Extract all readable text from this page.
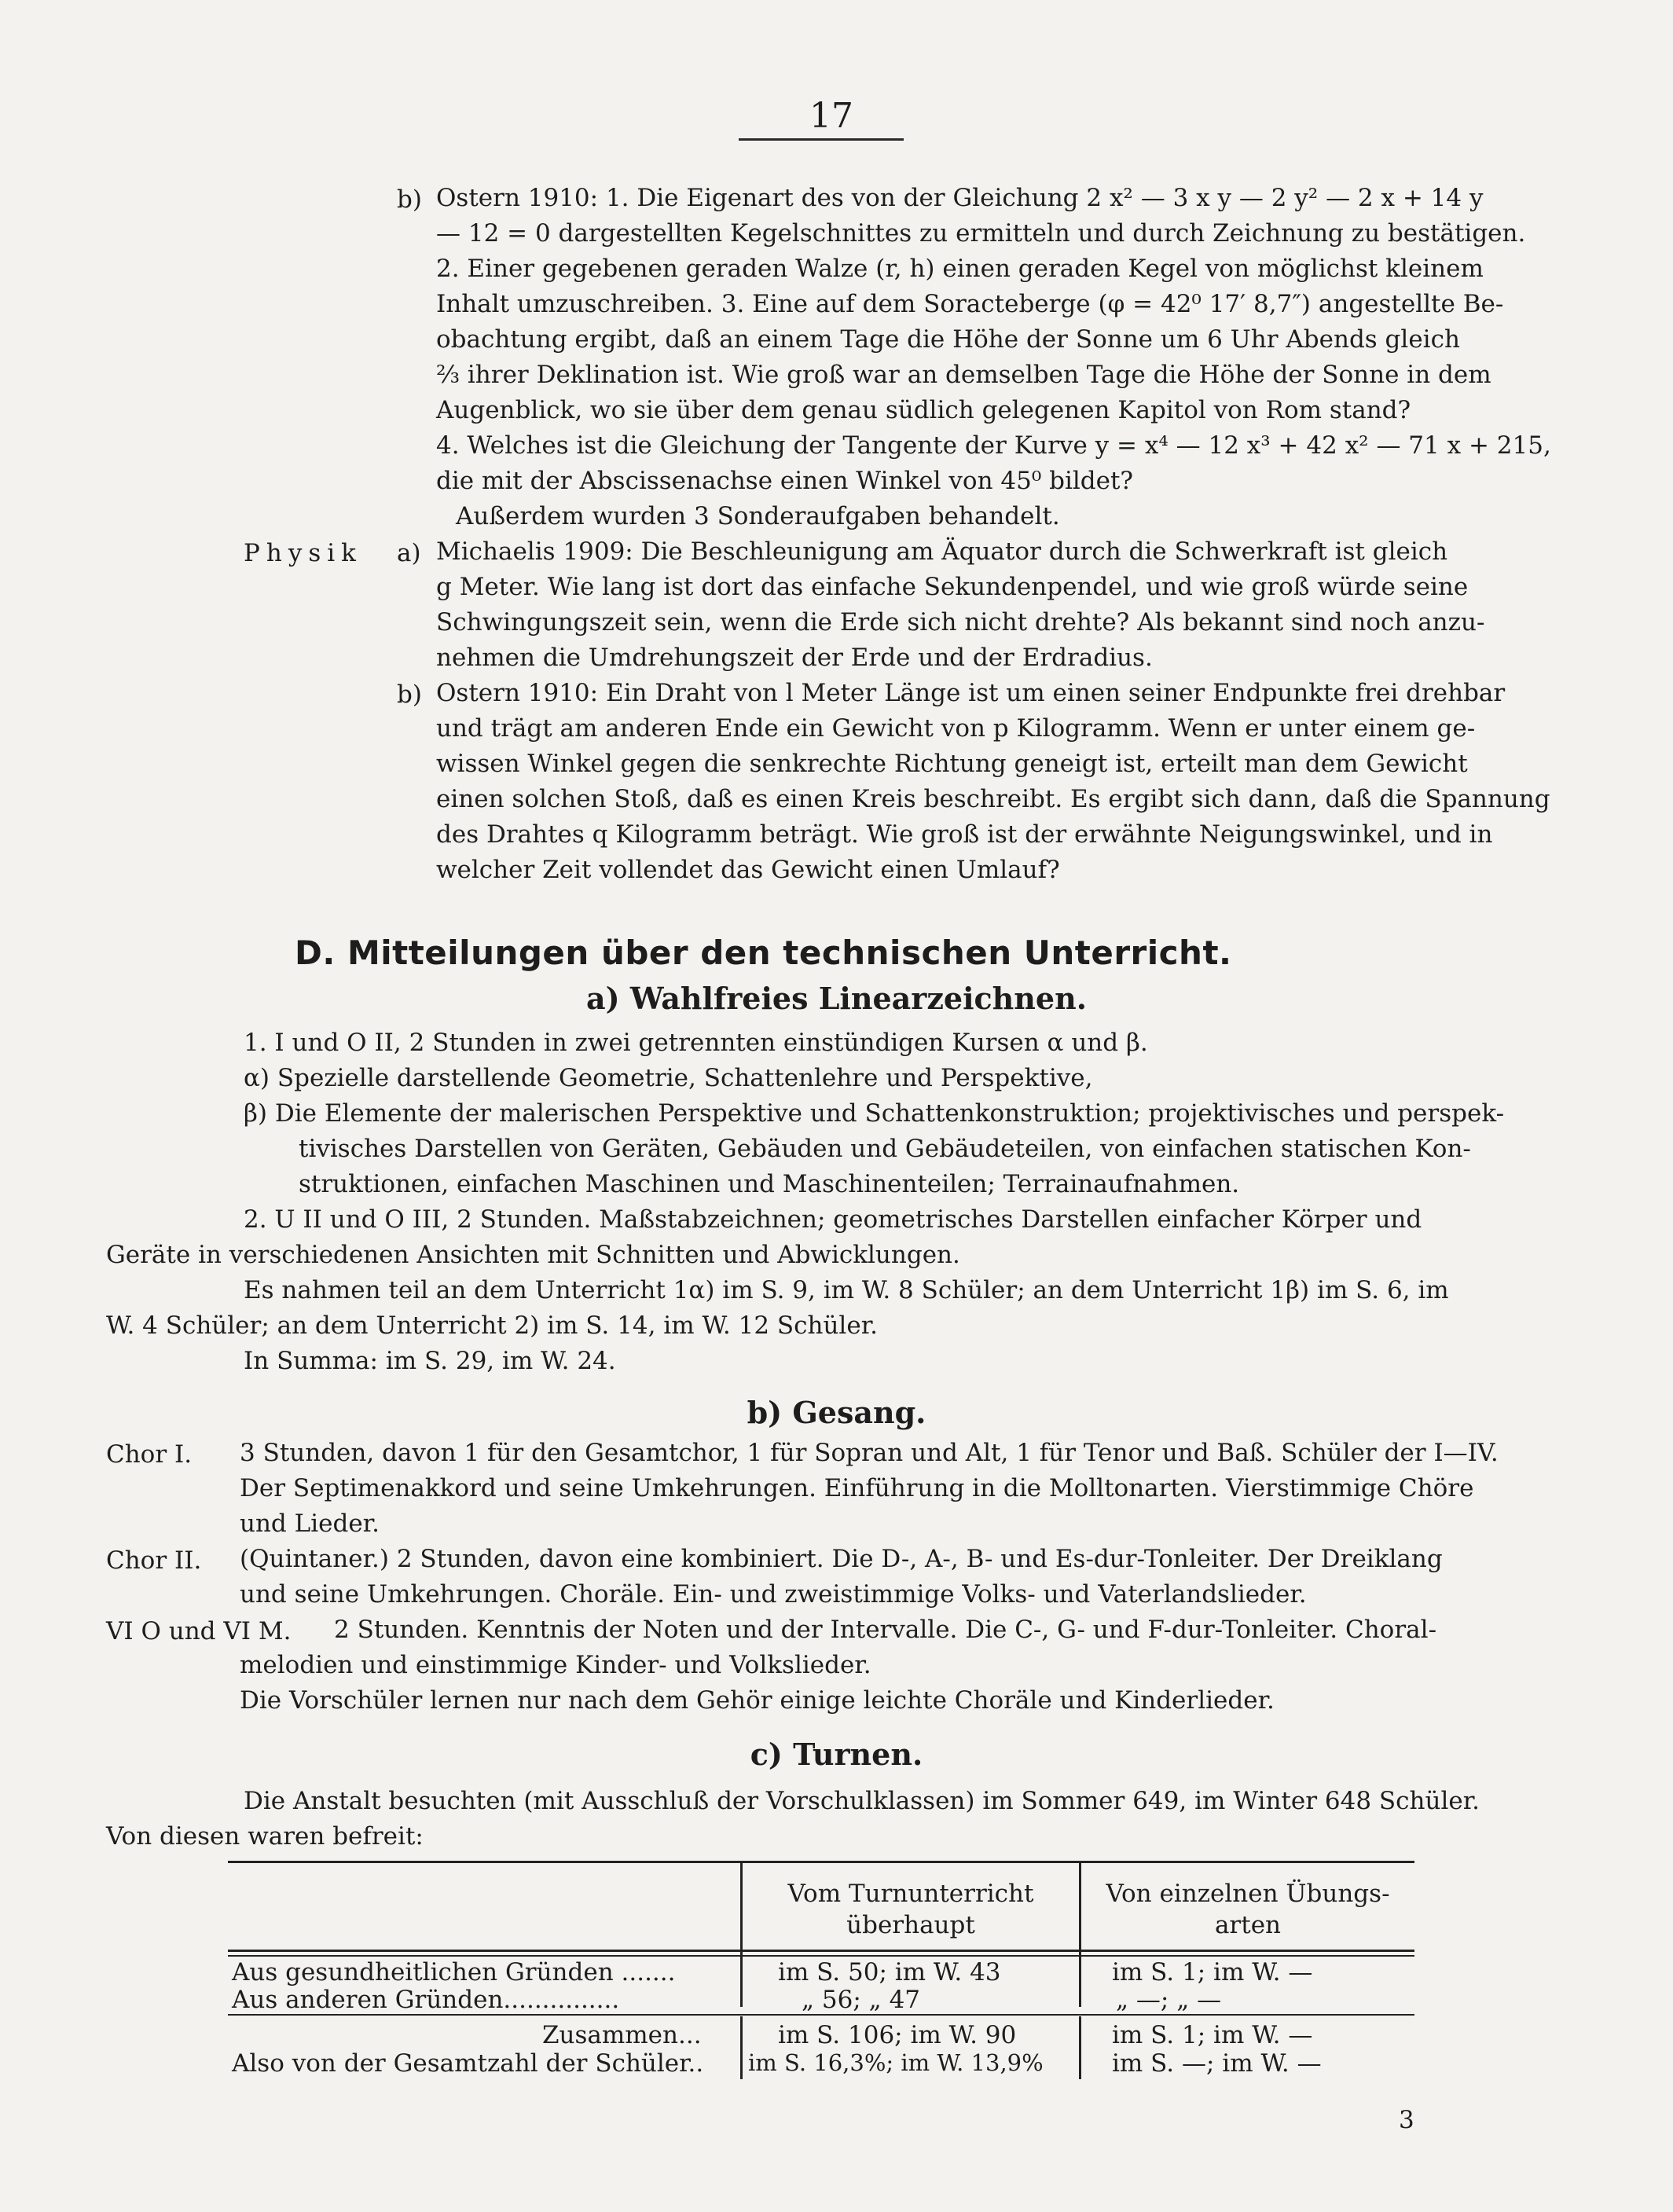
17
b) Ostern 1910: 1. Die Eigenart des von der Gleichung 2 x² — 3 x y — 2 y² — 2 x + 14 y
— 12 = 0 dargestellten Kegelschnittes zu ermitteln und durch Zeichnung zu bestätigen.
2. Einer gegebenen geraden Walze (r, h) einen geraden Kegel von möglichst kleinem
Inhalt umzuschreiben. 3. Eine auf dem Soracteberge (φ = 42⁰ 17′ 8,7″) angestellte Be-
obachtung ergibt, daß an einem Tage die Höhe der Sonne um 6 Uhr Abends gleich
²⁄₃ ihrer Deklination ist. Wie groß war an demselben Tage die Höhe der Sonne in dem
Augenblick, wo sie über dem genau südlich gelegenen Kapitol von Rom stand?
4. Welches ist die Gleichung der Tangente der Kurve y = x⁴ — 12 x³ + 42 x² — 71 x + 215,
die mit der Abscissenachse einen Winkel von 45⁰ bildet?
Außerdem wurden 3 Sonderaufgaben behandelt.
Physik a) Michaelis 1909: Die Beschleunigung am Äquator durch die Schwerkraft ist gleich
g Meter. Wie lang ist dort das einfache Sekundenpendel, und wie groß würde seine
Schwingungszeit sein, wenn die Erde sich nicht drehte? Als bekannt sind noch anzu-
nehmen die Umdrehungszeit der Erde und der Erdradius.
b) Ostern 1910: Ein Draht von l Meter Länge ist um einen seiner Endpunkte frei drehbar
und trägt am anderen Ende ein Gewicht von p Kilogramm. Wenn er unter einem ge-
wissen Winkel gegen die senkrechte Richtung geneigt ist, erteilt man dem Gewicht
einen solchen Stoß, daß es einen Kreis beschreibt. Es ergibt sich dann, daß die Spannung
des Drahtes q Kilogramm beträgt. Wie groß ist der erwähnte Neigungswinkel, und in
welcher Zeit vollendet das Gewicht einen Umlauf?
D. Mitteilungen über den technischen Unterricht.
a) Wahlfreies Linearzeichnen.
1. I und O II, 2 Stunden in zwei getrennten einstündigen Kursen α und β.
α) Spezielle darstellende Geometrie, Schattenlehre und Perspektive,
β) Die Elemente der malerischen Perspektive und Schattenkonstruktion; projektivisches und perspek-
tivisches Darstellen von Geräten, Gebäuden und Gebäudeteilen, von einfachen statischen Kon-
struktionen, einfachen Maschinen und Maschinenteilen; Terrainaufnahmen.
2. U II und O III, 2 Stunden. Maßstabzeichnen; geometrisches Darstellen einfacher Körper und
Geräte in verschiedenen Ansichten mit Schnitten und Abwicklungen.
Es nahmen teil an dem Unterricht 1α) im S. 9, im W. 8 Schüler; an dem Unterricht 1β) im S. 6, im
W. 4 Schüler; an dem Unterricht 2) im S. 14, im W. 12 Schüler.
In Summa: im S. 29, im W. 24.
b) Gesang.
Chor I. 3 Stunden, davon 1 für den Gesamtchor, 1 für Sopran und Alt, 1 für Tenor und Baß. Schüler der I—IV.
Der Septimenakkord und seine Umkehrungen. Einführung in die Molltonarten. Vierstimmige Chöre
und Lieder.
Chor II. (Quintaner.) 2 Stunden, davon eine kombiniert. Die D-, A-, B- und Es-dur-Tonleiter. Der Dreiklang
und seine Umkehrungen. Choräle. Ein- und zweistimmige Volks- und Vaterlandslieder.
VI O und VI M. 2 Stunden. Kenntnis der Noten und der Intervalle. Die C-, G- und F-dur-Tonleiter. Choral-
melodien und einstimmige Kinder- und Volkslieder.
Die Vorschüler lernen nur nach dem Gehör einige leichte Choräle und Kinderlieder.
c) Turnen.
Die Anstalt besuchten (mit Ausschluß der Vorschulklassen) im Sommer 649, im Winter 648 Schüler.
Von diesen waren befreit:
Vom Turnunterricht
überhaupt
Von einzelnen Übungs-
arten
Aus gesundheitlichen Gründen .......	im S. 50; im W. 43	im S. 1; im W. —
Aus anderen Gründen...............	„ 56; „ 47	„ —; „ —
Zusammen...	im S. 106; im W. 90	im S. 1; im W. —
Also von der Gesamtzahl der Schüler.. im S. 16,3%; im W. 13,9%	im S. —; im W. —
3
